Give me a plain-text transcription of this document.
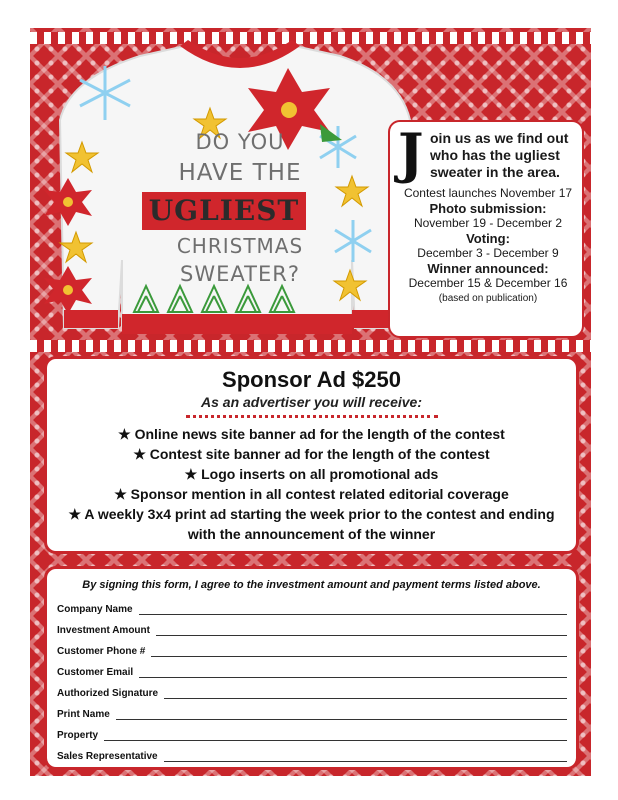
DO YOU
HAVE THE
UGLIEST
CHRISTMAS
SWEATER?
J oin us as we find out who has the ugliest sweater in the area.
Contest launches November 17
Photo submission:
November 19 - December 2
Voting:
December 3 - December 9
Winner announced:
December 15 & December 16
(based on publication)
Sponsor Ad $250
As an advertiser you will receive:
★ Online news site banner ad for the length of the contest
★ Contest site banner ad for the length of the contest
★ Logo inserts on all promotional ads
★ Sponsor mention in all contest related editorial coverage
★ A weekly 3x4 print ad starting the week prior to the contest and ending with the announcement of the winner
By signing this form, I agree to the investment amount and payment terms listed above.
Company Name
Investment Amount
Customer Phone #
Customer Email
Authorized Signature
Print Name
Property
Sales Representative
